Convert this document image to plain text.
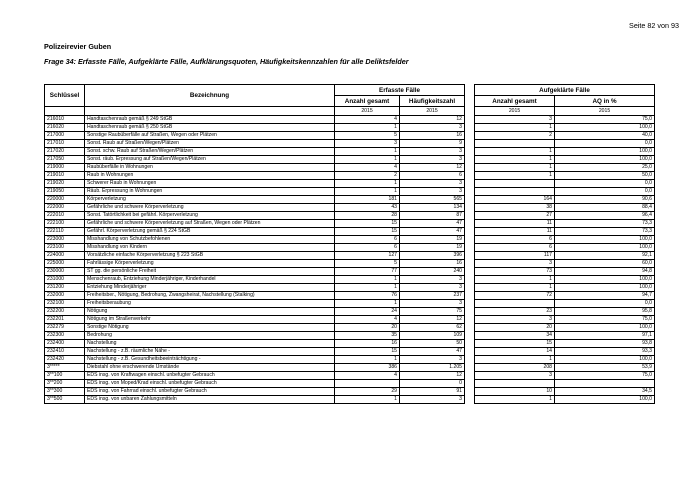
Seite 82 von 93
Polizeirevier Guben
Frage 34: Erfasste Fälle, Aufgeklärte Fälle, Aufklärungsquoten, Häufigkeitskennzahlen für alle Deliktsfelder
Schlüssel	Bezeichnung	Erfasste Fälle			Aufgeklärte Fälle	
		Anzahl gesamt	Häufigkeitszahl		Anzahl gesamt	AQ in %
		2015	2015		2015	2015
216010	Handtaschenraub gemäß § 249 StGB	4	12		3	75,0
216020	Handtaschenraub gemäß § 250 StGB	1	3		1	100,0
217000	Sonstige Raubüberfälle auf Straßen, Wegen oder Plätzen	5	16		2	40,0
217010	Sonst. Raub auf Straßen/Wegen/Plätzen	3	9			0,0
217020	Sonst. schw. Raub auf Straßen/Wegen/Plätzen	1	3		1	100,0
217050	Sonst. räub. Erpressung auf Straßen/Wegen/Plätzen	1	3		1	100,0
219000	Raubüberfälle in Wohnungen	4	12		1	25,0
219010	Raub in Wohnungen	2	6		1	50,0
219020	Schwerer Raub in Wohnungen	1	3			0,0
219050	Räub. Erpressung in Wohnungen	1	3			0,0
220000	Körperverletzung	181	565		164	90,6
222000	Gefährliche und schwere Körperverletzung	43	134		38	88,4
222010	Sonst. Tatörtlichkeit bei gefährl. Körperverletzung	28	87		27	96,4
222100	Gefährliche und schwere Körperverletzung auf Straßen, Wegen oder Plätzen	15	47		11	73,3
222110	Gefährl. Körperverletzung gemäß § 224 StGB	15	47		11	73,3
223000	Misshandlung von Schutzbefohlenen	6	19		6	100,0
223100	Misshandlung von Kindern	6	19		6	100,0
224000	Vorsätzliche einfache Körperverletzung § 223 StGB	127	396		117	92,1
225000	Fahrlässige Körperverletzung	5	16		3	60,0
230000	ST gg. die persönliche Freiheit	77	240		73	94,8
231000	Menschenraub, Entziehung Minderjähriger, Kinderhandel	1	3		1	100,0
231200	Entziehung Minderjähriger	1	3		1	100,0
232000	Freiheitsber., Nötigung, Bedrohung, Zwangsheirat, Nachstellung (Stalking)	76	237		72	94,7
232100	Freiheitsberaubung	1	3			0,0
232200	Nötigung	24	75		23	95,8
232201	Nötigung im Straßenverkehr	4	12		3	75,0
232279	Sonstige Nötigung	20	62		20	100,0
232300	Bedrohung	35	109		34	97,1
232400	Nachstellung	16	50		15	93,8
232410	Nachstellung - z.B. räumliche Nähe -	15	47		14	93,3
232420	Nachstellung - z.B. Gesundheitsbeeinträchtigung -	1	3		1	100,0
3*****	Diebstahl ohne erschwerende Umstände	386	1.205		208	53,9
3**100	EDS insg. von Kraftwagen einschl. unbefugter Gebrauch	4	12		3	75,0
3**200	EDS insg. von Moped/Krad einschl. unbefugter Gebrauch		0			
3**300	EDS insg. von Fahrrad einschl. unbefugter Gebrauch	29	91		10	34,5
3**500	EDS insg. von unbaren Zahlungsmitteln	1	3		1	100,0
